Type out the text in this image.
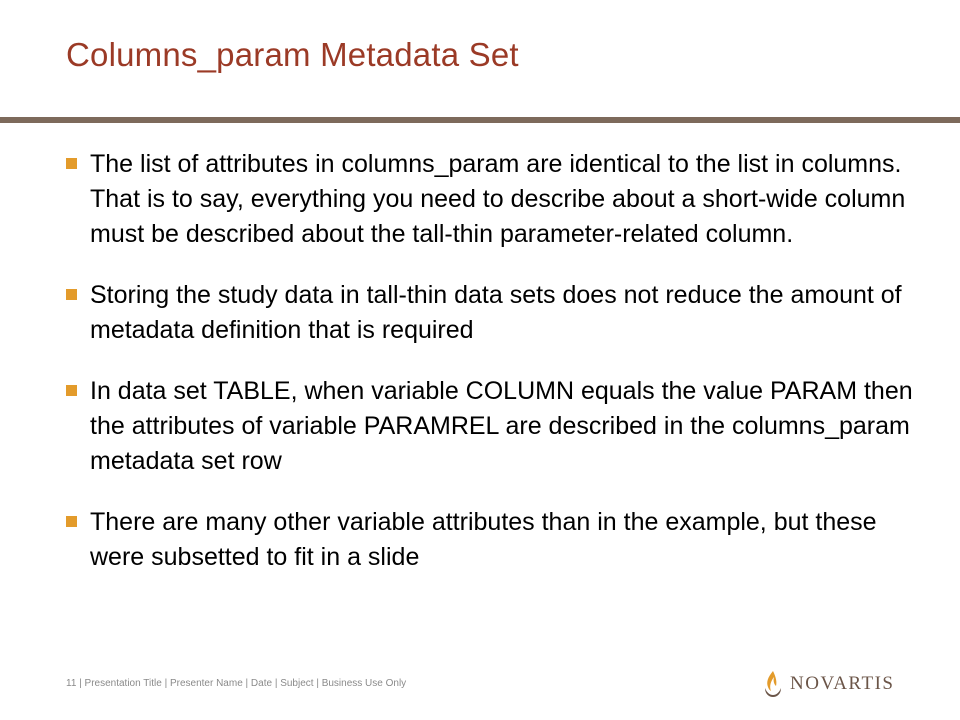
Columns_param Metadata Set
The list of attributes in columns_param are identical to the list in columns. That is to say, everything you need to describe about a short-wide column must be described about the tall-thin parameter-related column.
Storing the study data in tall-thin data sets does not reduce the amount of metadata definition that is required
In data set TABLE, when variable COLUMN equals the value PARAM then the attributes of variable PARAMREL are described in the columns_param metadata set row
There are many other variable attributes than in the example, but these were subsetted to fit in a slide
11 | Presentation Title | Presenter Name | Date | Subject | Business Use Only	NOVARTIS
